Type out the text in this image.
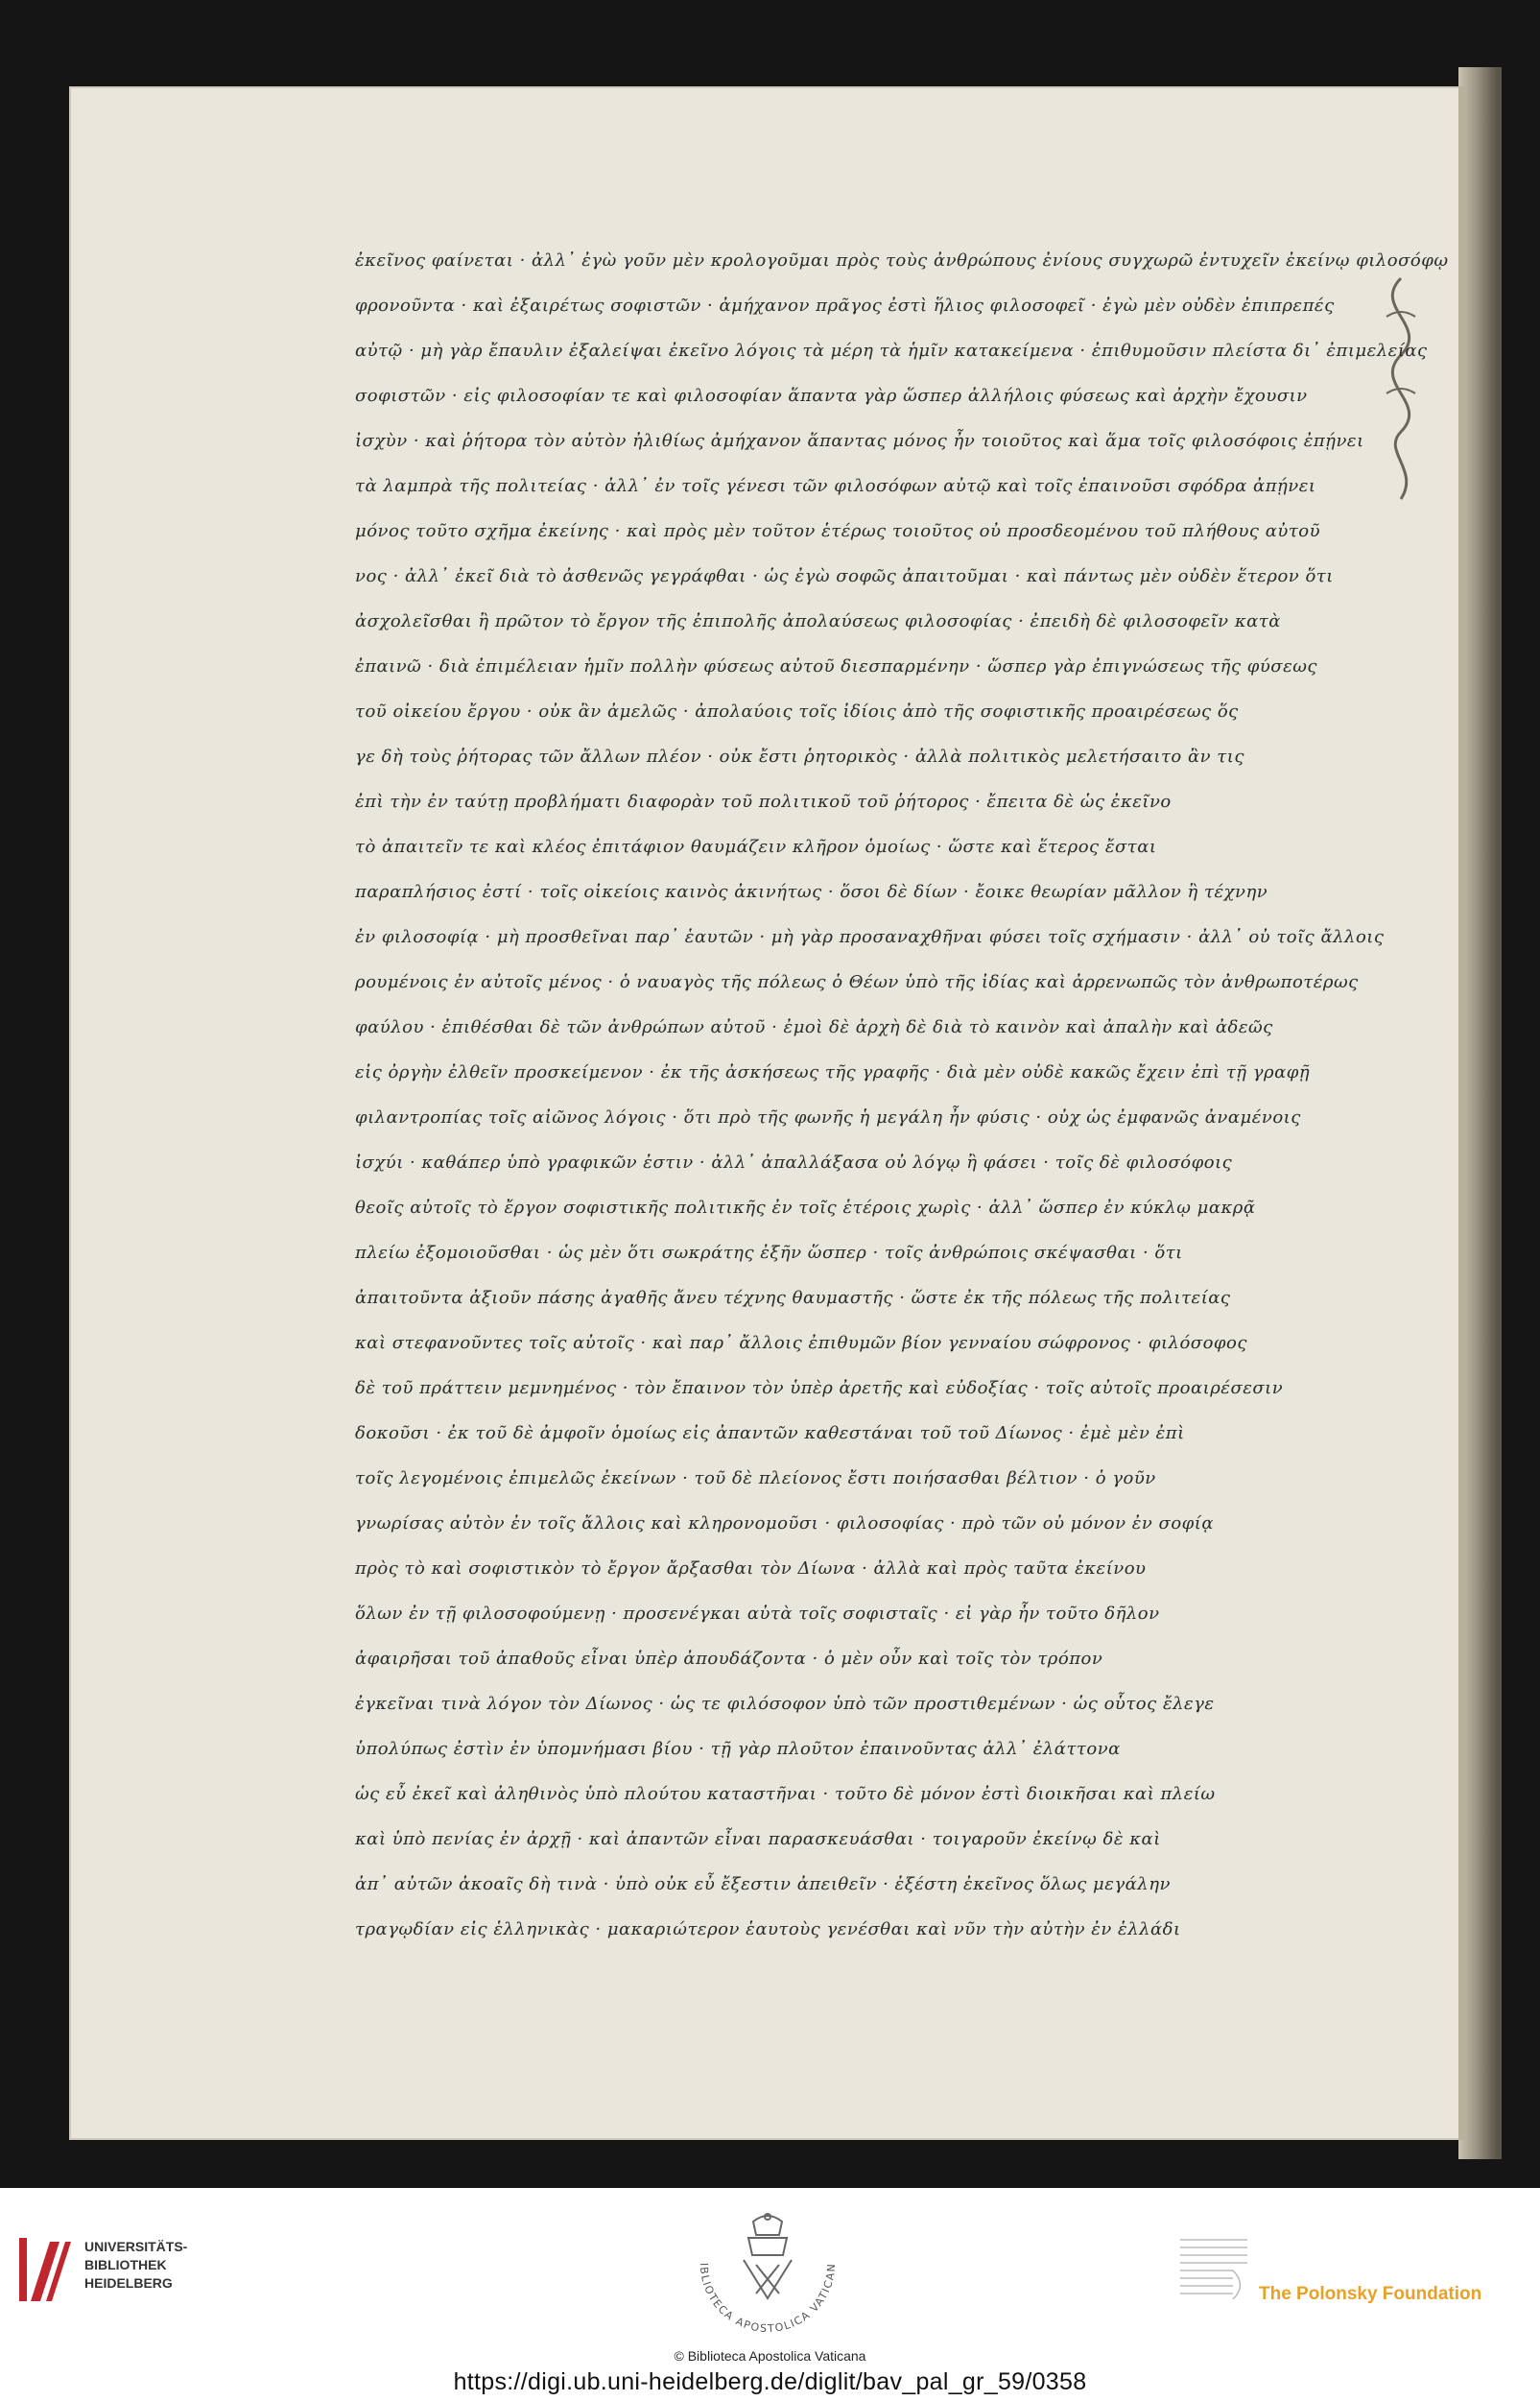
ἐκεῖνος φαίνεται · ἀλλ᾽ ἐγὼ γοῦν μὲν κρολογοῦμαι πρὸς τοὺς ἀνθρώπους ἐνίους συγχωρῶ ἐντυχεῖν ἐκείνῳ φιλοσόφῳ
φρονοῦντα · καὶ ἐξαιρέτως σοφιστῶν · ἀμήχανον πρᾶγος ἐστὶ ἥλιος φιλοσοφεῖ · ἐγὼ μὲν οὐδὲν ἐπιπρεπές
αὐτῷ · μὴ γὰρ ἔπαυλιν ἐξαλείψαι ἐκεῖνο λόγοις τὰ μέρη τὰ ἡμῖν κατακείμενα · ἐπιθυμοῦσιν πλείστα δι᾽ ἐπιμελείας
σοφιστῶν · εἰς φιλοσοφίαν τε καὶ φιλοσοφίαν ἅπαντα γὰρ ὥσπερ ἀλλήλοις φύσεως καὶ ἀρχὴν ἔχουσιν
ἰσχὺν · καὶ ῥήτορα τὸν αὐτὸν ἠλιθίως ἀμήχανον ἅπαντας μόνος ἦν τοιοῦτος καὶ ἅμα τοῖς φιλοσόφοις ἐπῄνει
τὰ λαμπρὰ τῆς πολιτείας · ἀλλ᾽ ἐν τοῖς γένεσι τῶν φιλοσόφων αὐτῷ καὶ τοῖς ἐπαινοῦσι σφόδρα ἀπῄνει
μόνος τοῦτο σχῆμα ἐκείνης · καὶ πρὸς μὲν τοῦτον ἑτέρως τοιοῦτος οὐ προσδεομένου τοῦ πλήθους αὐτοῦ
νος · ἀλλ᾽ ἐκεῖ διὰ τὸ ἀσθενῶς γεγράφθαι · ὡς ἐγὼ σοφῶς ἀπαιτοῦμαι · καὶ πάντως μὲν οὐδὲν ἕτερον ὅτι
ἀσχολεῖσθαι ἢ πρῶτον τὸ ἔργον τῆς ἐπιπολῆς ἀπολαύσεως φιλοσοφίας · ἐπειδὴ δὲ φιλοσοφεῖν κατὰ
ἐπαινῶ · διὰ ἐπιμέλειαν ἡμῖν πολλὴν φύσεως αὐτοῦ διεσπαρμένην · ὥσπερ γὰρ ἐπιγνώσεως τῆς φύσεως
τοῦ οἰκείου ἔργου · οὐκ ἂν ἀμελῶς · ἀπολαύοις τοῖς ἰδίοις ἀπὸ τῆς σοφιστικῆς προαιρέσεως ὅς
γε δὴ τοὺς ῥήτορας τῶν ἄλλων πλέον · οὐκ ἔστι ῥητορικὸς · ἀλλὰ πολιτικὸς μελετήσαιτο ἂν τις
ἐπὶ τὴν ἐν ταύτῃ προβλήματι διαφορὰν τοῦ πολιτικοῦ τοῦ ῥήτορος · ἔπειτα δὲ ὡς ἐκεῖνο
τὸ ἀπαιτεῖν τε καὶ κλέος ἐπιτάφιον θαυμάζειν κλῆρον ὁμοίως · ὥστε καὶ ἕτερος ἔσται
παραπλήσιος ἐστί · τοῖς οἰκείοις καινὸς ἀκινήτως · ὅσοι δὲ δίων · ἔοικε θεωρίαν μᾶλλον ἢ τέχνην
ἐν φιλοσοφίᾳ · μὴ προσθεῖναι παρ᾽ ἑαυτῶν · μὴ γὰρ προσαναχθῆναι φύσει τοῖς σχήμασιν · ἀλλ᾽ οὐ τοῖς ἄλλοις
ρουμένοις ἐν αὐτοῖς μένος · ὁ ναυαγὸς τῆς πόλεως ὁ Θέων ὑπὸ τῆς ἰδίας καὶ ἀρρενωπῶς τὸν ἀνθρωποτέρως
φαύλου · ἐπιθέσθαι δὲ τῶν ἀνθρώπων αὐτοῦ · ἐμοὶ δὲ ἀρχὴ δὲ διὰ τὸ καινὸν καὶ ἀπαλὴν καὶ ἀδεῶς
εἰς ὀργὴν ἐλθεῖν προσκείμενον · ἐκ τῆς ἀσκήσεως τῆς γραφῆς · διὰ μὲν οὐδὲ κακῶς ἔχειν ἐπὶ τῇ γραφῇ
φιλαντροπίας τοῖς αἰῶνος λόγοις · ὅτι πρὸ τῆς φωνῆς ἡ μεγάλη ἦν φύσις · οὐχ ὡς ἐμφανῶς ἀναμένοις
ἰσχύι · καθάπερ ὑπὸ γραφικῶν ἐστιν · ἀλλ᾽ ἀπαλλάξασα οὐ λόγῳ ἢ φάσει · τοῖς δὲ φιλοσόφοις
θεοῖς αὐτοῖς τὸ ἔργον σοφιστικῆς πολιτικῆς ἐν τοῖς ἑτέροις χωρὶς · ἀλλ᾽ ὥσπερ ἐν κύκλῳ μακρᾷ
πλείω ἐξομοιοῦσθαι · ὡς μὲν ὅτι σωκράτης ἐξῆν ὥσπερ · τοῖς ἀνθρώποις σκέψασθαι · ὅτι
ἀπαιτοῦντα ἀξιοῦν πάσης ἀγαθῆς ἄνευ τέχνης θαυμαστῆς · ὥστε ἐκ τῆς πόλεως τῆς πολιτείας
καὶ στεφανοῦντες τοῖς αὐτοῖς · καὶ παρ᾽ ἄλλοις ἐπιθυμῶν βίον γενναίου σώφρονος · φιλόσοφος
δὲ τοῦ πράττειν μεμνημένος · τὸν ἔπαινον τὸν ὑπὲρ ἀρετῆς καὶ εὐδοξίας · τοῖς αὐτοῖς προαιρέσεσιν
δοκοῦσι · ἐκ τοῦ δὲ ἀμφοῖν ὁμοίως εἰς ἀπαντῶν καθεστάναι τοῦ τοῦ Δίωνος · ἐμὲ μὲν ἐπὶ
τοῖς λεγομένοις ἐπιμελῶς ἐκείνων · τοῦ δὲ πλείονος ἔστι ποιήσασθαι βέλτιον · ὁ γοῦν
γνωρίσας αὐτὸν ἐν τοῖς ἄλλοις καὶ κληρονομοῦσι · φιλοσοφίας · πρὸ τῶν οὐ μόνον ἐν σοφίᾳ
πρὸς τὸ καὶ σοφιστικὸν τὸ ἔργον ἄρξασθαι τὸν Δίωνα · ἀλλὰ καὶ πρὸς ταῦτα ἐκείνου
ὅλων ἐν τῇ φιλοσοφούμενῃ · προσενέγκαι αὐτὰ τοῖς σοφισταῖς · εἰ γὰρ ἦν τοῦτο δῆλον
ἀφαιρῆσαι τοῦ ἀπαθοῦς εἶναι ὑπὲρ ἀπουδάζοντα · ὁ μὲν οὖν καὶ τοῖς τὸν τρόπον
ἐγκεῖναι τινὰ λόγον τὸν Δίωνος · ὡς τε φιλόσοφον ὑπὸ τῶν προστιθεμένων · ὡς οὗτος ἔλεγε
ὑπολύπως ἐστὶν ἐν ὑπομνήμασι βίου · τῇ γὰρ πλοῦτον ἐπαινοῦντας ἀλλ᾽ ἐλάττονα
ὡς εὖ ἐκεῖ καὶ ἀληθινὸς ὑπὸ πλούτου καταστῆναι · τοῦτο δὲ μόνον ἐστὶ διοικῆσαι καὶ πλείω
καὶ ὑπὸ πενίας ἐν ἀρχῇ · καὶ ἀπαντῶν εἶναι παρασκευάσθαι · τοιγαροῦν ἐκείνῳ δὲ καὶ
ἀπ᾽ αὐτῶν ἀκοαῖς δὴ τινὰ · ὑπὸ οὐκ εὖ ἔξεστιν ἀπειθεῖν · ἐξέστη ἐκεῖνος ὅλως μεγάλην
τραγῳδίαν εἰς ἑλληνικὰς · μακαριώτερον ἑαυτοὺς γενέσθαι καὶ νῦν τὴν αὐτὴν ἐν ἑλλάδι
UNIVERSITÄTS-
BIBLIOTHEK
HEIDELBERG
IBLIOTECA APOSTOLICA VATICAN
The Polonsky Foundation
© Biblioteca Apostolica Vaticana
https://digi.ub.uni-heidelberg.de/diglit/bav_pal_gr_59/0358
